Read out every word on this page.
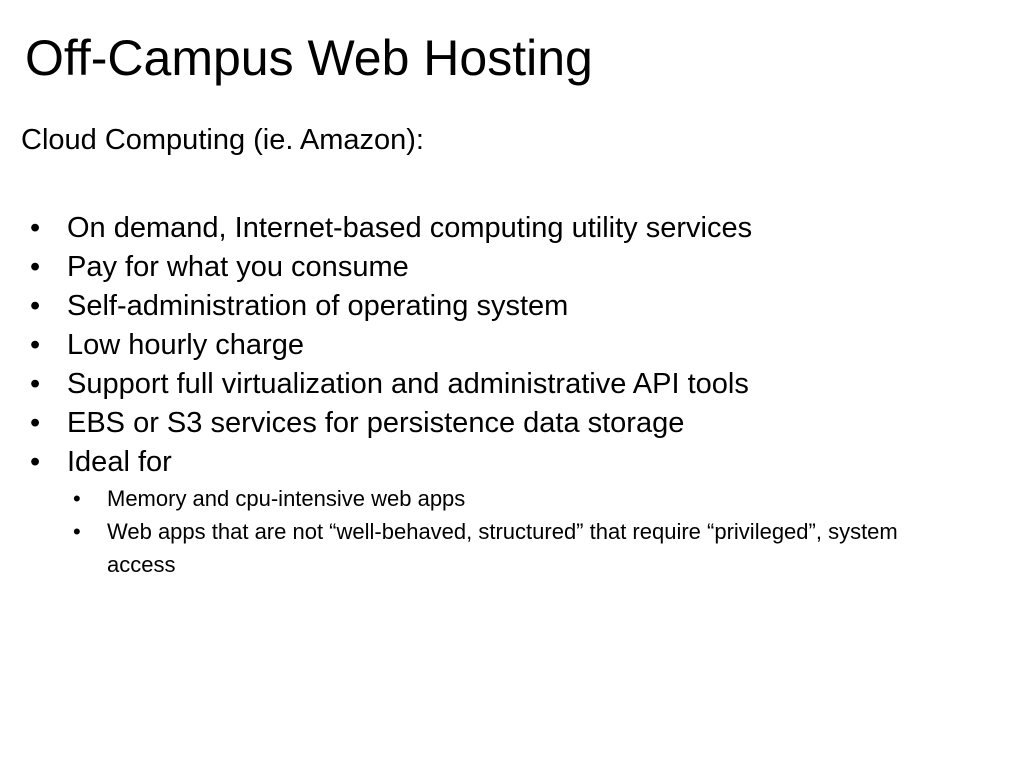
Off-Campus Web Hosting

Cloud Computing (ie. Amazon):

• On demand, Internet-based computing utility services
• Pay for what you consume
• Self-administration of operating system
• Low hourly charge
• Support full virtualization and administrative API tools
• EBS or S3 services for persistence data storage
• Ideal for
• Memory and cpu-intensive web apps
• Web apps that are not “well-behaved, structured” that require “privileged”, system access
